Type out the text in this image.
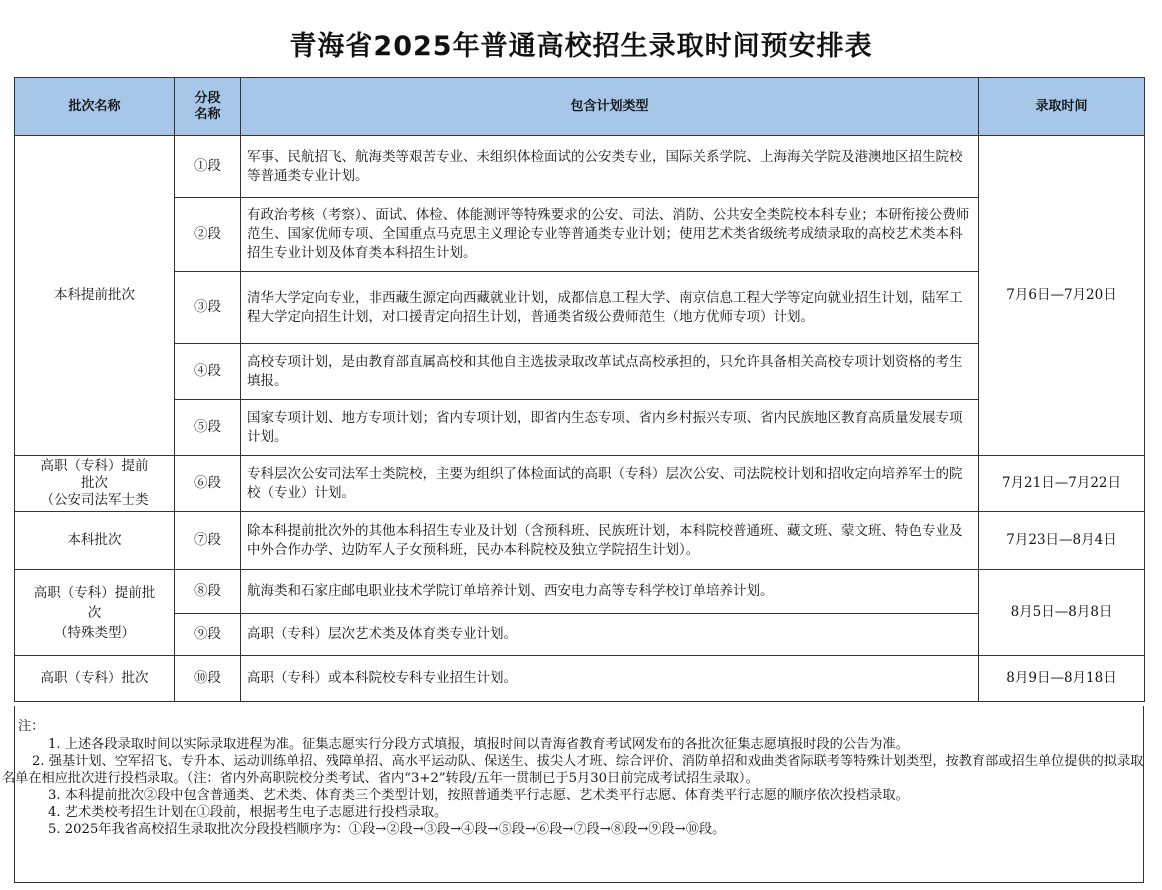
青海省2025年普通高校招生录取时间预安排表
批次名称	分段名称	包含计划类型	录取时间
本科提前批次	①段	军事、民航招飞、航海类等艰苦专业、未组织体检面试的公安类专业，国际关系学院、上海海关学院及港澳地区招生院校等普通类专业计划。	7月6日—7月20日
	②段	有政治考核（考察）、面试、体检、体能测评等特殊要求的公安、司法、消防、公共安全类院校本科专业；本研衔接公费师范生、国家优师专项、全国重点马克思主义理论专业等普通类专业计划；使用艺术类省级统考成绩录取的高校艺术类本科招生专业计划及体育类本科招生计划。	
	③段	清华大学定向专业，非西藏生源定向西藏就业计划，成都信息工程大学、南京信息工程大学等定向就业招生计划，陆军工程大学定向招生计划，对口援青定向招生计划，普通类省级公费师范生（地方优师专项）计划。	
	④段	高校专项计划，是由教育部直属高校和其他自主选拔录取改革试点高校承担的，只允许具备相关高校专项计划资格的考生填报。	
	⑤段	国家专项计划、地方专项计划；省内专项计划，即省内生态专项、省内乡村振兴专项、省内民族地区教育高质量发展专项计划。	

高职（专科）提前批次
（公安司法军士类	⑥段	专科层次公安司法军士类院校，主要为组织了体检面试的高职（专科）层次公安、司法院校计划和招收定向培养军士的院校（专业）计划。	7月21日—7月22日
本科批次	⑦段	除本科提前批次外的其他本科招生专业及计划（含预科班、民族班计划，本科院校普通班、藏文班、蒙文班、特色专业及中外合作办学、边防军人子女预科班，民办本科院校及独立学院招生计划）。	7月23日—8月4日
高职（专科）提前批次
（特殊类型）	⑧段	航海类和石家庄邮电职业技术学院订单培养计划、西安电力高等专科学校订单培养计划。	8月5日—8月8日
	⑨段	高职（专科）层次艺术类及体育类专业计划。	
高职（专科）批次	⑩段	高职（专科）或本科院校专科专业招生计划。	8月9日—8月18日

注：

1. 上述各段录取时间以实际录取进程为准。征集志愿实行分段方式填报，填报时间以青海省教育考试网发布的各批次征集志愿填报时段的公告为准。

2. 强基计划、空军招飞、专升本、运动训练单招、残障单招、高水平运动队、保送生、拔尖人才班、综合评价、消防单招和戏曲类省际联考等特殊计划类型，按教育部或招生单位提供的拟录取名单在相应批次进行投档录取。（注：省内外高职院校分类考试、省内“3+2”转段/五年一贯制已于5月30日前完成考试招生录取）。

3. 本科提前批次②段中包含普通类、艺术类、体育类三个类型计划，按照普通类平行志愿、艺术类平行志愿、体育类平行志愿的顺序依次投档录取。

4. 艺术类校考招生计划在①段前，根据考生电子志愿进行投档录取。

5. 2025年我省高校招生录取批次分段投档顺序为：①段→②段→③段→④段→⑤段→⑥段→⑦段→⑧段→⑨段→⑩段。
